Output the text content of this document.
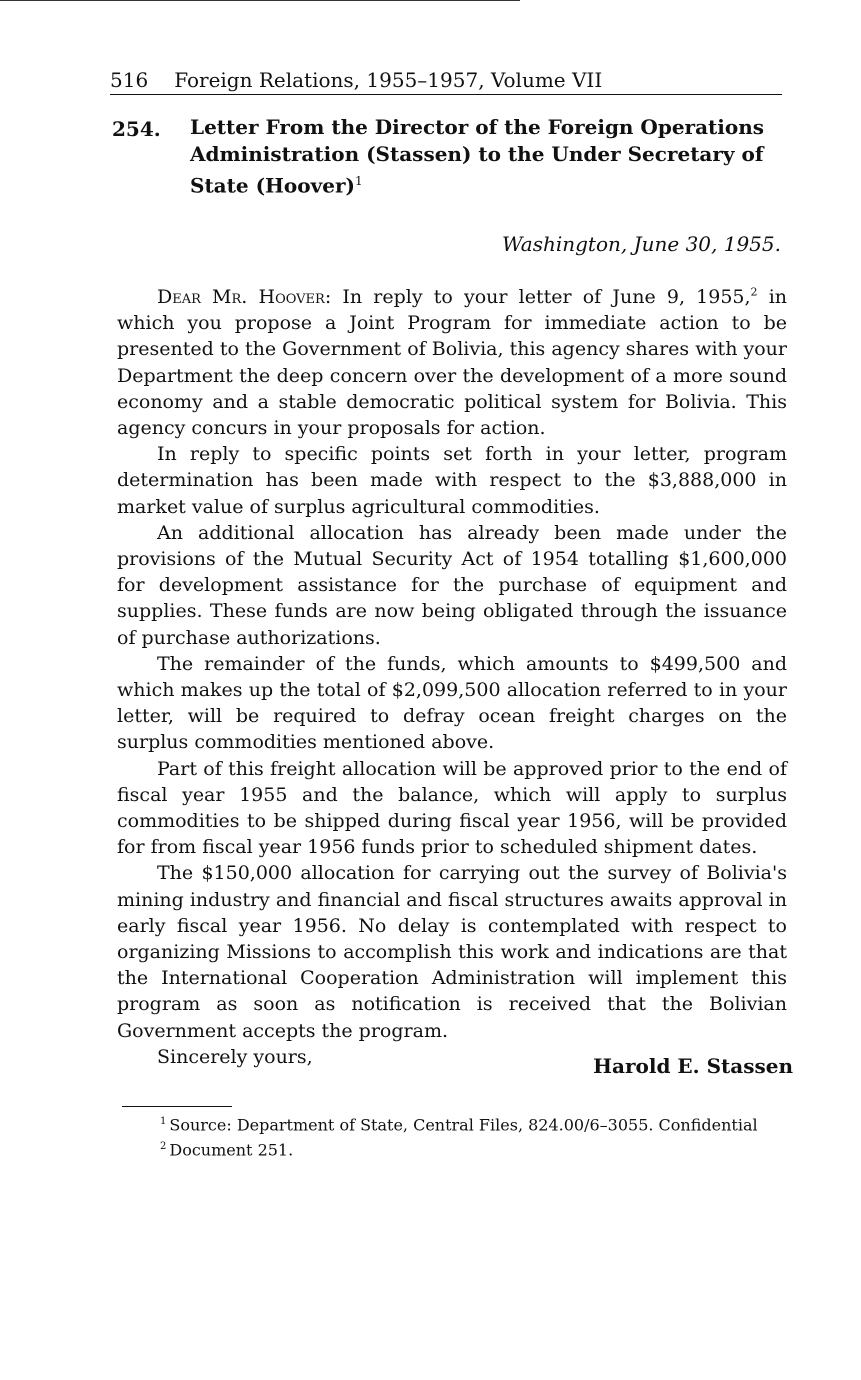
516 Foreign Relations, 1955–1957, Volume VII
254. Letter From the Director of the Foreign Operations Administration (Stassen) to the Under Secretary of State (Hoover)$^1$
Washington, June 30, 1955.

Dear Mr. Hoover: In reply to your letter of June 9, 1955,$^2$ in which you propose a Joint Program for immediate action to be presented to the Government of Bolivia, this agency shares with your Department the deep concern over the development of a more sound economy and a stable democratic political system for Bolivia. This agency concurs in your proposals for action.

In reply to specific points set forth in your letter, program determination has been made with respect to the $3,888,000 in market value of surplus agricultural commodities.

An additional allocation has already been made under the provisions of the Mutual Security Act of 1954 totalling $1,600,000 for development assistance for the purchase of equipment and supplies. These funds are now being obligated through the issuance of purchase authorizations.

The remainder of the funds, which amounts to $499,500 and which makes up the total of $2,099,500 allocation referred to in your letter, will be required to defray ocean freight charges on the surplus commodities mentioned above.

Part of this freight allocation will be approved prior to the end of fiscal year 1955 and the balance, which will apply to surplus commodities to be shipped during fiscal year 1956, will be provided for from fiscal year 1956 funds prior to scheduled shipment dates.

The $150,000 allocation for carrying out the survey of Bolivia's mining industry and financial and fiscal structures awaits approval in early fiscal year 1956. No delay is contemplated with respect to organizing Missions to accomplish this work and indications are that the International Cooperation Administration will implement this program as soon as notification is received that the Bolivian Government accepts the program.

Sincerely yours,	Harold E. Stassen
$^1$ Source: Department of State, Central Files, 824.00/6–3055. Confidential
$^2$ Document 251.
